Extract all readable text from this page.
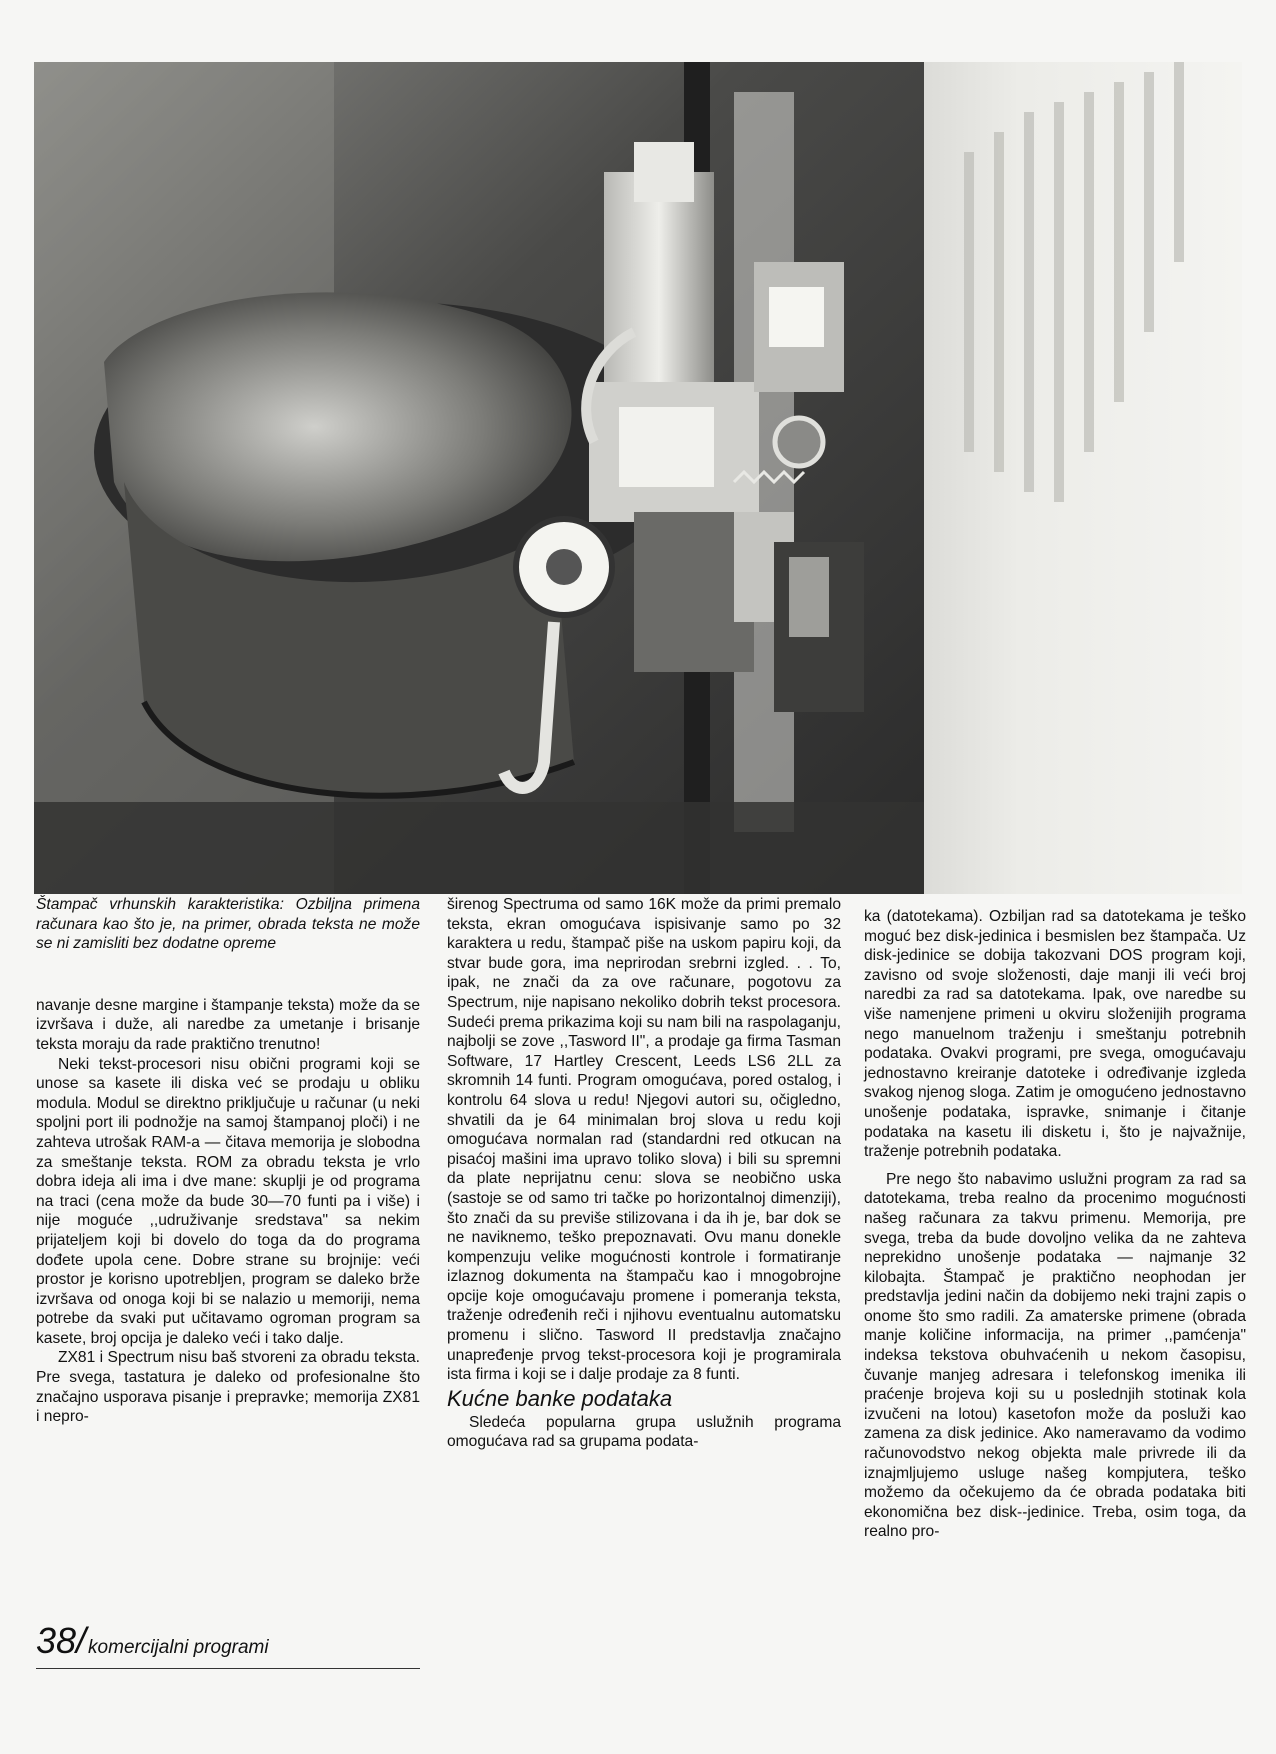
Štampač vrhunskih karakteristika: Ozbiljna primena računara kao što je, na primer, obrada teksta ne može se ni zamisliti bez dodatne opreme

navanje desne margine i štampanje teksta) može da se izvršava i duže, ali naredbe za umetanje i brisanje teksta moraju da rade praktično trenutno!

Neki tekst-procesori nisu obični programi koji se unose sa kasete ili diska već se prodaju u obliku modula. Modul se direktno priključuje u računar (u neki spoljni port ili podnožje na samoj štampanoj ploči) i ne zahteva utrošak RAM-a — čitava memorija je slobodna za smeštanje teksta. ROM za obradu teksta je vrlo dobra ideja ali ima i dve mane: skuplji je od programa na traci (cena može da bude 30—70 funti pa i više) i nije moguće ,,udruživanje sredstava" sa nekim prijateljem koji bi dovelo do toga da do programa dođete upola cene. Dobre strane su brojnije: veći prostor je korisno upotrebljen, program se daleko brže izvršava od onoga koji bi se nalazio u memoriji, nema potrebe da svaki put učitavamo ogroman program sa kasete, broj opcija je daleko veći i tako dalje.

ZX81 i Spectrum nisu baš stvoreni za obradu teksta. Pre svega, tastatura je daleko od profesionalne što značajno usporava pisanje i prepravke; memorija ZX81 i nepro-

širenog Spectruma od samo 16K može da primi premalo teksta, ekran omogućava ispisivanje samo po 32 karaktera u redu, štampač piše na uskom papiru koji, da stvar bude gora, ima neprirodan srebrni izgled. . . To, ipak, ne znači da za ove računare, pogotovu za Spectrum, nije napisano nekoliko dobrih tekst procesora. Sudeći prema prikazima koji su nam bili na raspolaganju, najbolji se zove ,,Tasword II", a prodaje ga firma Tasman Software, 17 Hartley Crescent, Leeds LS6 2LL za skromnih 14 funti. Program omogućava, pored ostalog, i kontrolu 64 slova u redu! Njegovi autori su, očigledno, shvatili da je 64 minimalan broj slova u redu koji omogućava normalan rad (standardni red otkucan na pisaćoj mašini ima upravo toliko slova) i bili su spremni da plate neprijatnu cenu: slova se neobično uska (sastoje se od samo tri tačke po horizontalnoj dimenziji), što znači da su previše stilizovana i da ih je, bar dok se ne naviknemo, teško prepoznavati. Ovu manu donekle kompenzuju velike mogućnosti kontrole i formatiranje izlaznog dokumenta na štampaču kao i mnogobrojne opcije koje omogućavaju promene i pomeranja teksta, traženje određenih reči i njihovu eventualnu automatsku promenu i slično. Tasword II predstavlja značajno unapređenje prvog tekst-procesora koji je programirala ista firma i koji se i dalje prodaje za 8 funti.

Kućne banke podataka

Sledeća popularna grupa uslužnih programa omogućava rad sa grupama podata-

ka (datotekama). Ozbiljan rad sa datotekama je teško moguć bez disk-jedinica i besmislen bez štampača. Uz disk-jedinice se dobija takozvani DOS program koji, zavisno od svoje složenosti, daje manji ili veći broj naredbi za rad sa datotekama. Ipak, ove naredbe su više namenjene primeni u okviru složenijih programa nego manuelnom traženju i smeštanju potrebnih podataka. Ovakvi programi, pre svega, omogućavaju jednostavno kreiranje datoteke i određivanje izgleda svakog njenog sloga. Zatim je omogućeno jednostavno unošenje podataka, ispravke, snimanje i čitanje podataka na kasetu ili disketu i, što je najvažnije, traženje potrebnih podataka.

Pre nego što nabavimo uslužni program za rad sa datotekama, treba realno da procenimo mogućnosti našeg računara za takvu primenu. Memorija, pre svega, treba da bude dovoljno velika da ne zahteva neprekidno unošenje podataka — najmanje 32 kilobajta. Štampač je praktično neophodan jer predstavlja jedini način da dobijemo neki trajni zapis o onome što smo radili. Za amaterske primene (obrada manje količine informacija, na primer ,,pamćenja" indeksa tekstova obuhvaćenih u nekom časopisu, čuvanje manjeg adresara i telefonskog imenika ili praćenje brojeva koji su u poslednjih stotinak kola izvučeni na lotou) kasetofon može da posluži kao zamena za disk jedinice. Ako nameravamo da vodimo računovodstvo nekog objekta male privrede ili da iznajmljujemo usluge našeg kompjutera, teško možemo da očekujemo da će obrada podataka biti ekonomična bez disk--jedinice. Treba, osim toga, da realno pro-

38/ komercijalni programi
